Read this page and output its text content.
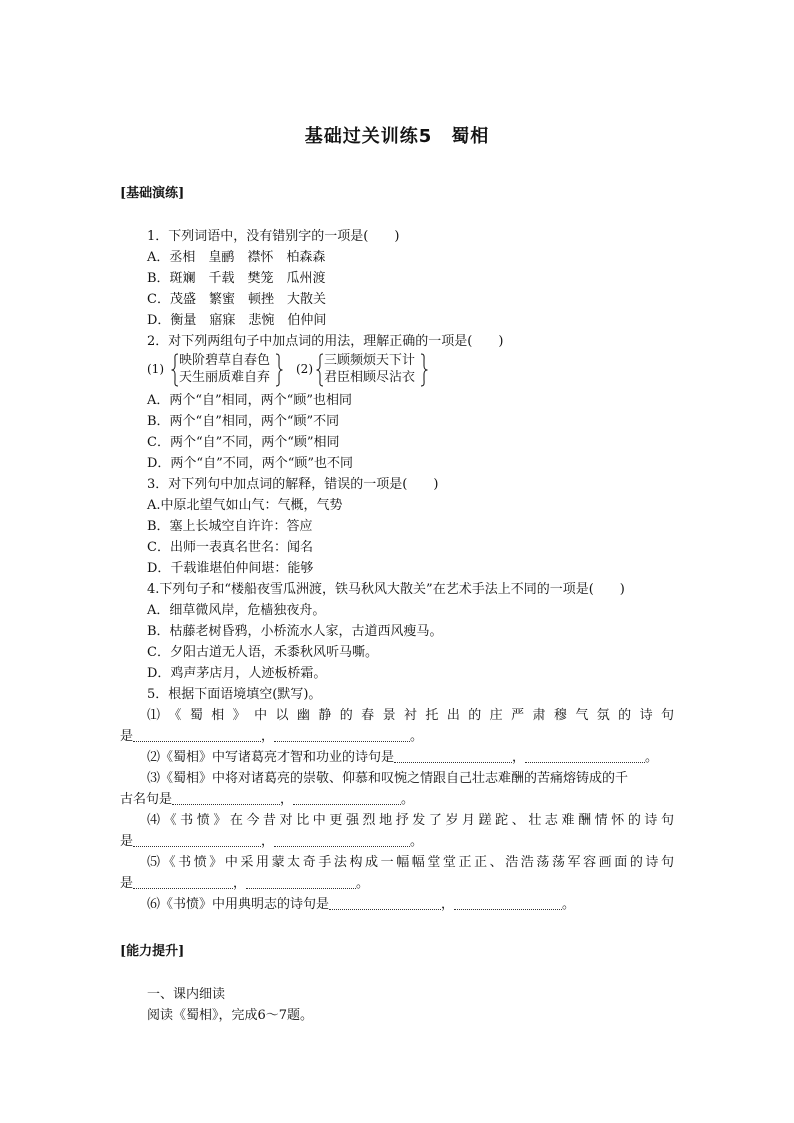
基础过关训练5　蜀相
[基础演练]
1．下列词语中，没有错别字的一项是(　　)
A．丞相　皇鹂　襟怀　柏森森
B．斑斓　千载　樊笼　瓜州渡
C．茂盛　繁蜜　顿挫　大散关
D．衡量　寤寐　悲惋　伯仲间
2．对下列两组句子中加点词的用法，理解正确的一项是(　　)
(1)
映阶碧草自春色
天生丽质难自弃
(2)
三顾频烦天下计
君臣相顾尽沾衣
A．两个“自”相同，两个“顾”也相同
B．两个“自”相同，两个“顾”不同
C．两个“自”不同，两个“顾”相同
D．两个“自”不同，两个“顾”也不同
3．对下列句中加点词的解释，错误的一项是(　　)
A.中原北望气如山气：气概，气势
B．塞上长城空自许许：答应
C．出师一表真名世名：闻名
D．千载谁堪伯仲间堪：能够
4.下列句子和“楼船夜雪瓜洲渡，铁马秋风大散关”在艺术手法上不同的一项是(　　)
A．细草微风岸，危樯独夜舟。
B．枯藤老树昏鸦，小桥流水人家，古道西风瘦马。
C．夕阳古道无人语，禾黍秋风听马嘶。
D．鸡声茅店月，人迹板桥霜。
5．根据下面语境填空(默写)。
⑴《蜀相》中以幽静的春景衬托出的庄严肃穆气氛的诗句
是	，	。
⑵《蜀相》中写诸葛亮才智和功业的诗句是	，	。
⑶《蜀相》中将对诸葛亮的崇敬、仰慕和叹惋之情跟自己壮志难酬的苦痛熔铸成的千
古名句是	，	。
⑷《书愤》在今昔对比中更强烈地抒发了岁月蹉跎、壮志难酬情怀的诗句
是	，	。
⑸《书愤》中采用蒙太奇手法构成一幅幅堂堂正正、浩浩荡荡军容画面的诗句
是	，	。
⑹《书愤》中用典明志的诗句是	，	。
[能力提升]
一、课内细读
阅读《蜀相》，完成6～7题。
